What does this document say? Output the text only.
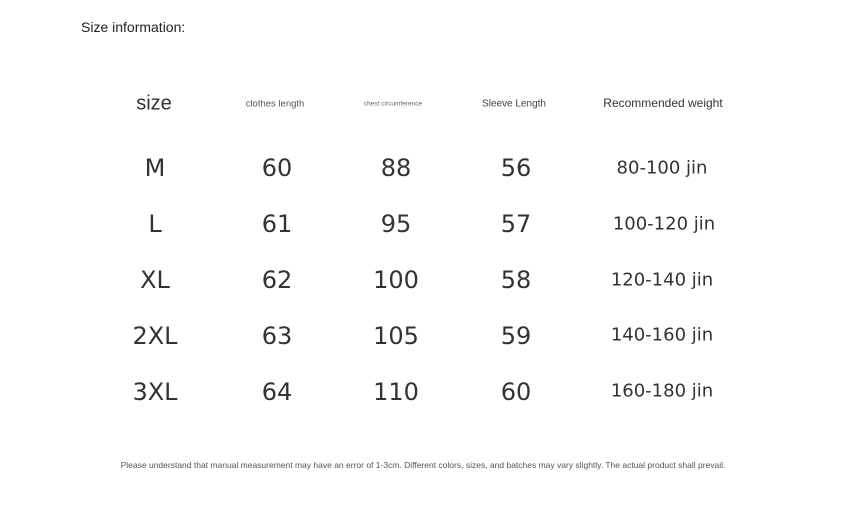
Size information:
size	clothes length	chest circumference	Sleeve Length	Recommended weight
M	60	88	56	80-100 jin
L	61	95	57	100-120 jin
XL	62	100	58	120-140 jin
2XL	63	105	59	140-160 jin
3XL	64	110	60	160-180 jin
Please understand that manual measurement may have an error of 1-3cm. Different colors, sizes, and batches may vary slightly. The actual product shall prevail.
